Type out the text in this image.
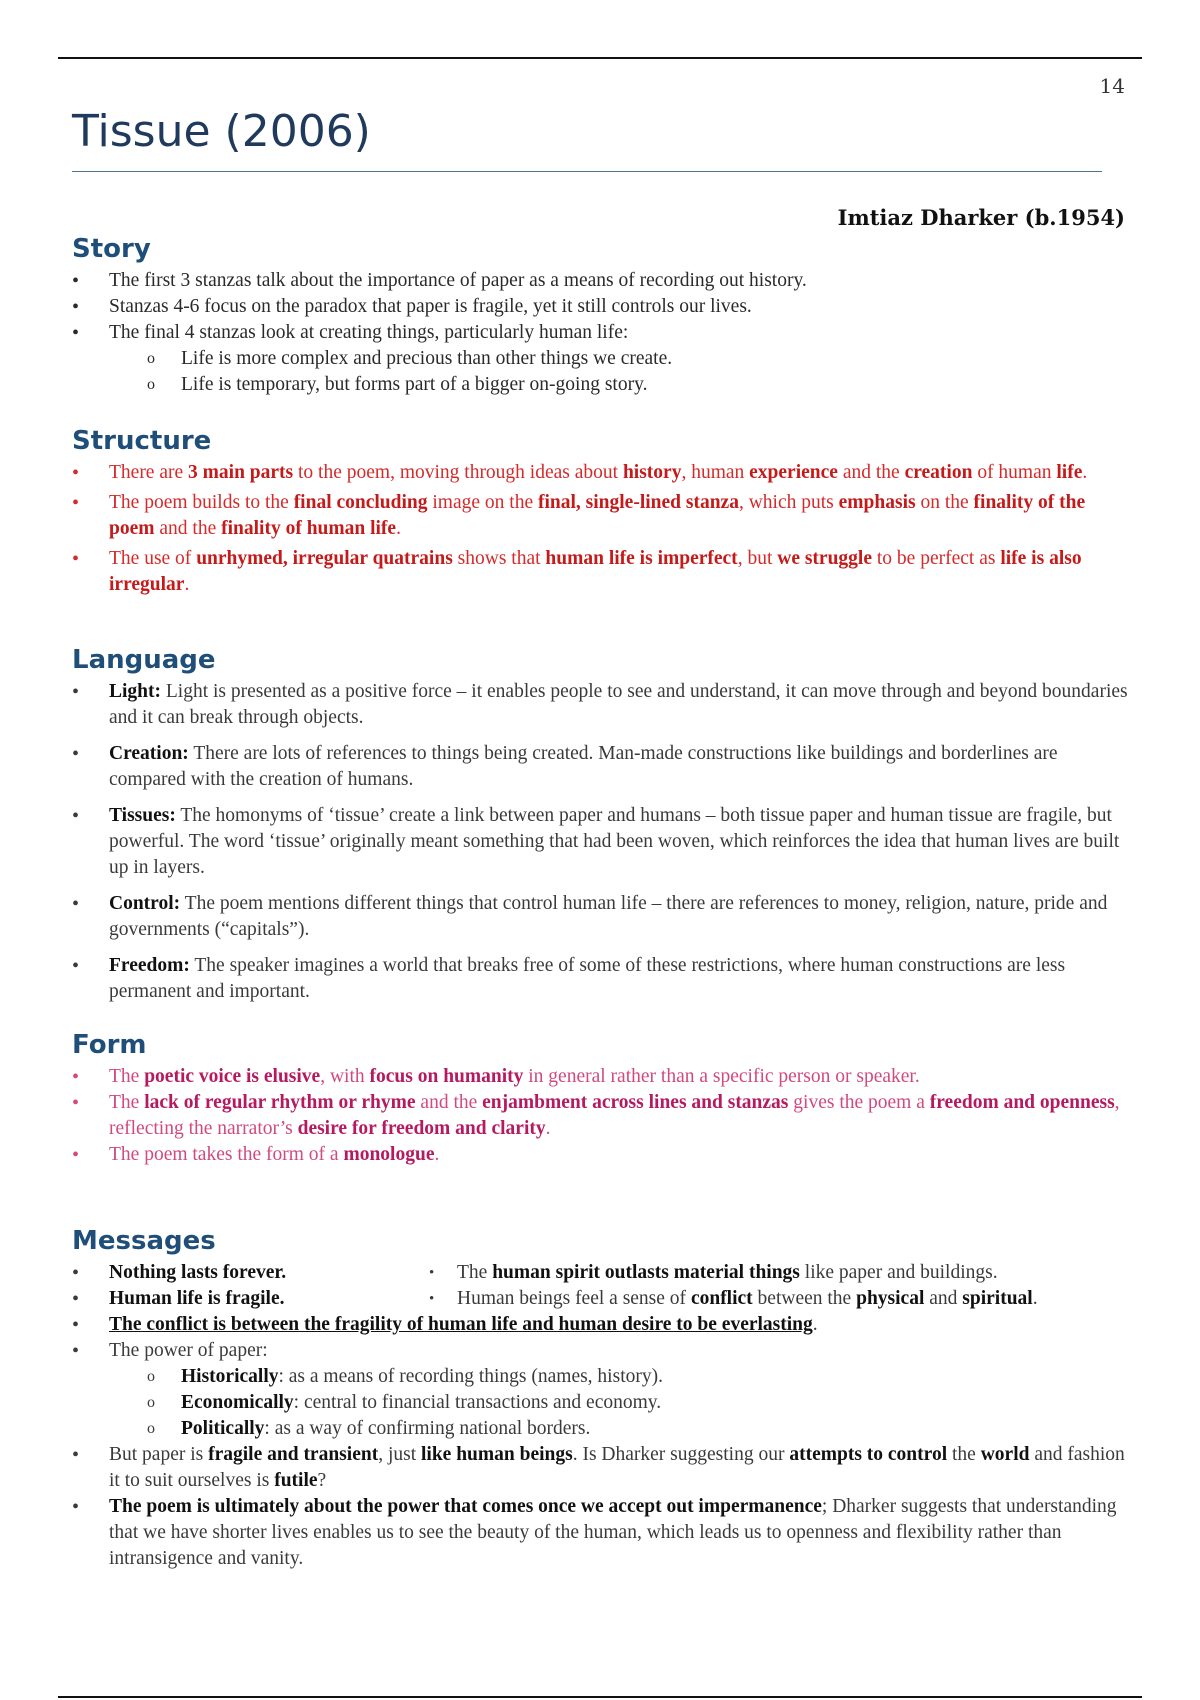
14
Tissue (2006)
Imtiaz Dharker (b.1954)
Story
• The first 3 stanzas talk about the importance of paper as a means of recording out history.
• Stanzas 4-6 focus on the paradox that paper is fragile, yet it still controls our lives.
• The final 4 stanzas look at creating things, particularly human life:
o Life is more complex and precious than other things we create.
o Life is temporary, but forms part of a bigger on-going story.
Structure
• There are 3 main parts to the poem, moving through ideas about history, human experience and the creation of human life.
• The poem builds to the final concluding image on the final, single-lined stanza, which puts emphasis on the finality of the poem and the finality of human life.
• The use of unrhymed, irregular quatrains shows that human life is imperfect, but we struggle to be perfect as life is also irregular.
Language
• Light: Light is presented as a positive force – it enables people to see and understand, it can move through and beyond boundaries and it can break through objects.
• Creation: There are lots of references to things being created. Man-made constructions like buildings and borderlines are compared with the creation of humans.
• Tissues: The homonyms of ‘tissue’ create a link between paper and humans – both tissue paper and human tissue are fragile, but powerful. The word ‘tissue’ originally meant something that had been woven, which reinforces the idea that human lives are built up in layers.
• Control: The poem mentions different things that control human life – there are references to money, religion, nature, pride and governments (“capitals”).
• Freedom: The speaker imagines a world that breaks free of some of these restrictions, where human constructions are less permanent and important.
Form
• The poetic voice is elusive, with focus on humanity in general rather than a specific person or speaker.
• The lack of regular rhythm or rhyme and the enjambment across lines and stanzas gives the poem a freedom and openness, reflecting the narrator’s desire for freedom and clarity.
• The poem takes the form of a monologue.
Messages
• Nothing lasts forever.	• The human spirit outlasts material things like paper and buildings.
• Human life is fragile.	• Human beings feel a sense of conflict between the physical and spiritual.
• The conflict is between the fragility of human life and human desire to be everlasting.
• The power of paper:
o Historically: as a means of recording things (names, history).
o Economically: central to financial transactions and economy.
o Politically: as a way of confirming national borders.
• But paper is fragile and transient, just like human beings. Is Dharker suggesting our attempts to control the world and fashion it to suit ourselves is futile?
• The poem is ultimately about the power that comes once we accept out impermanence; Dharker suggests that understanding that we have shorter lives enables us to see the beauty of the human, which leads us to openness and flexibility rather than intransigence and vanity.
